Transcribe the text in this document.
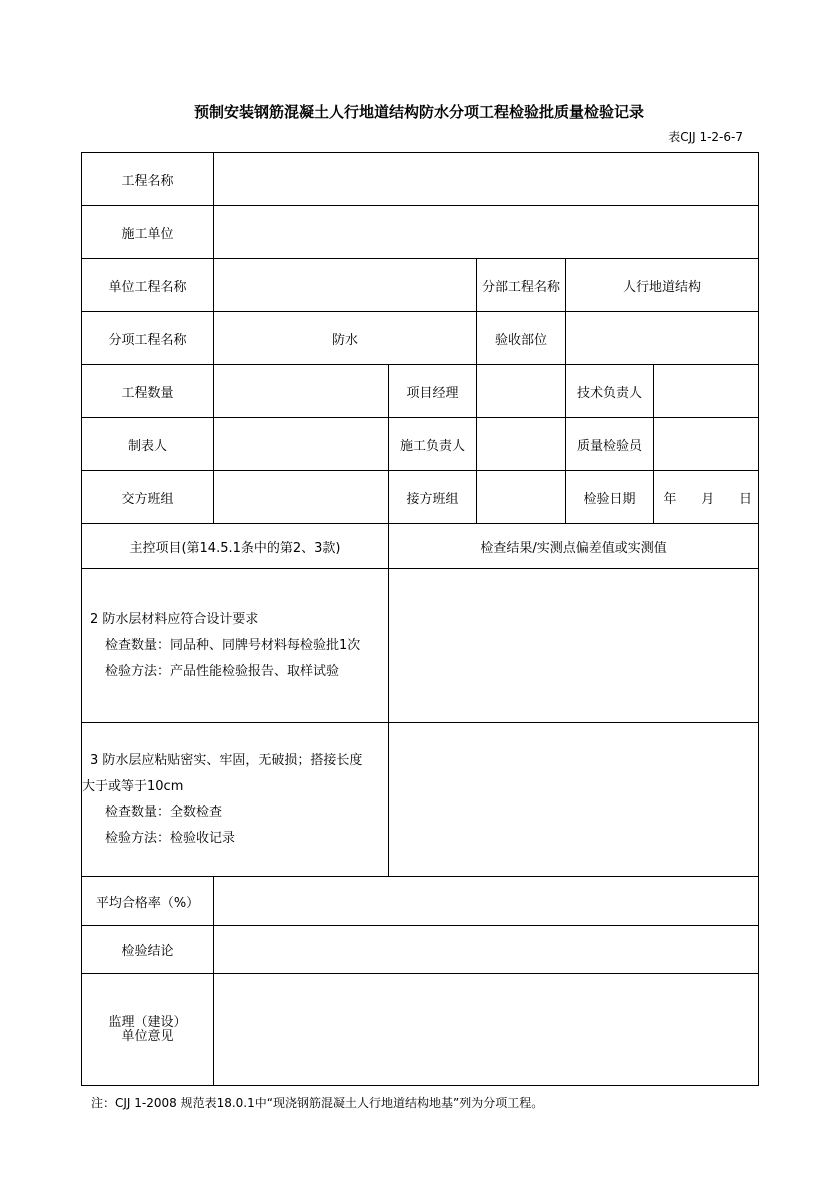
预制安装钢筋混凝土人行地道结构防水分项工程检验批质量检验记录
表CJJ 1-2-6-7
工程名称					
施工单位					
单位工程名称			分部工程名称	人行地道结构	
分项工程名称	防水		验收部位		
工程数量		项目经理		技术负责人	
制表人		施工负责人		质量检验员	
交方班组		接方班组		检验日期	年 月 日
主控项目(第14.5.1条中的第2、3款)		检查结果/实测点偏差值或实测值			

2 防水层材料应符合设计要求
检查数量：同品种、同牌号材料每检验批1次
检验方法：产品性能检验报告、取样试验					

3 防水层应粘贴密实、牢固，无破损；搭接长度
大于或等于10cm
检查数量：全数检查
检验方法：检验收记录					

平均合格率（%）					
检验结论					

监理（建设）
单位意见					

注：CJJ 1-2008 规范表18.0.1中“现浇钢筋混凝土人行地道结构地基”列为分项工程。
